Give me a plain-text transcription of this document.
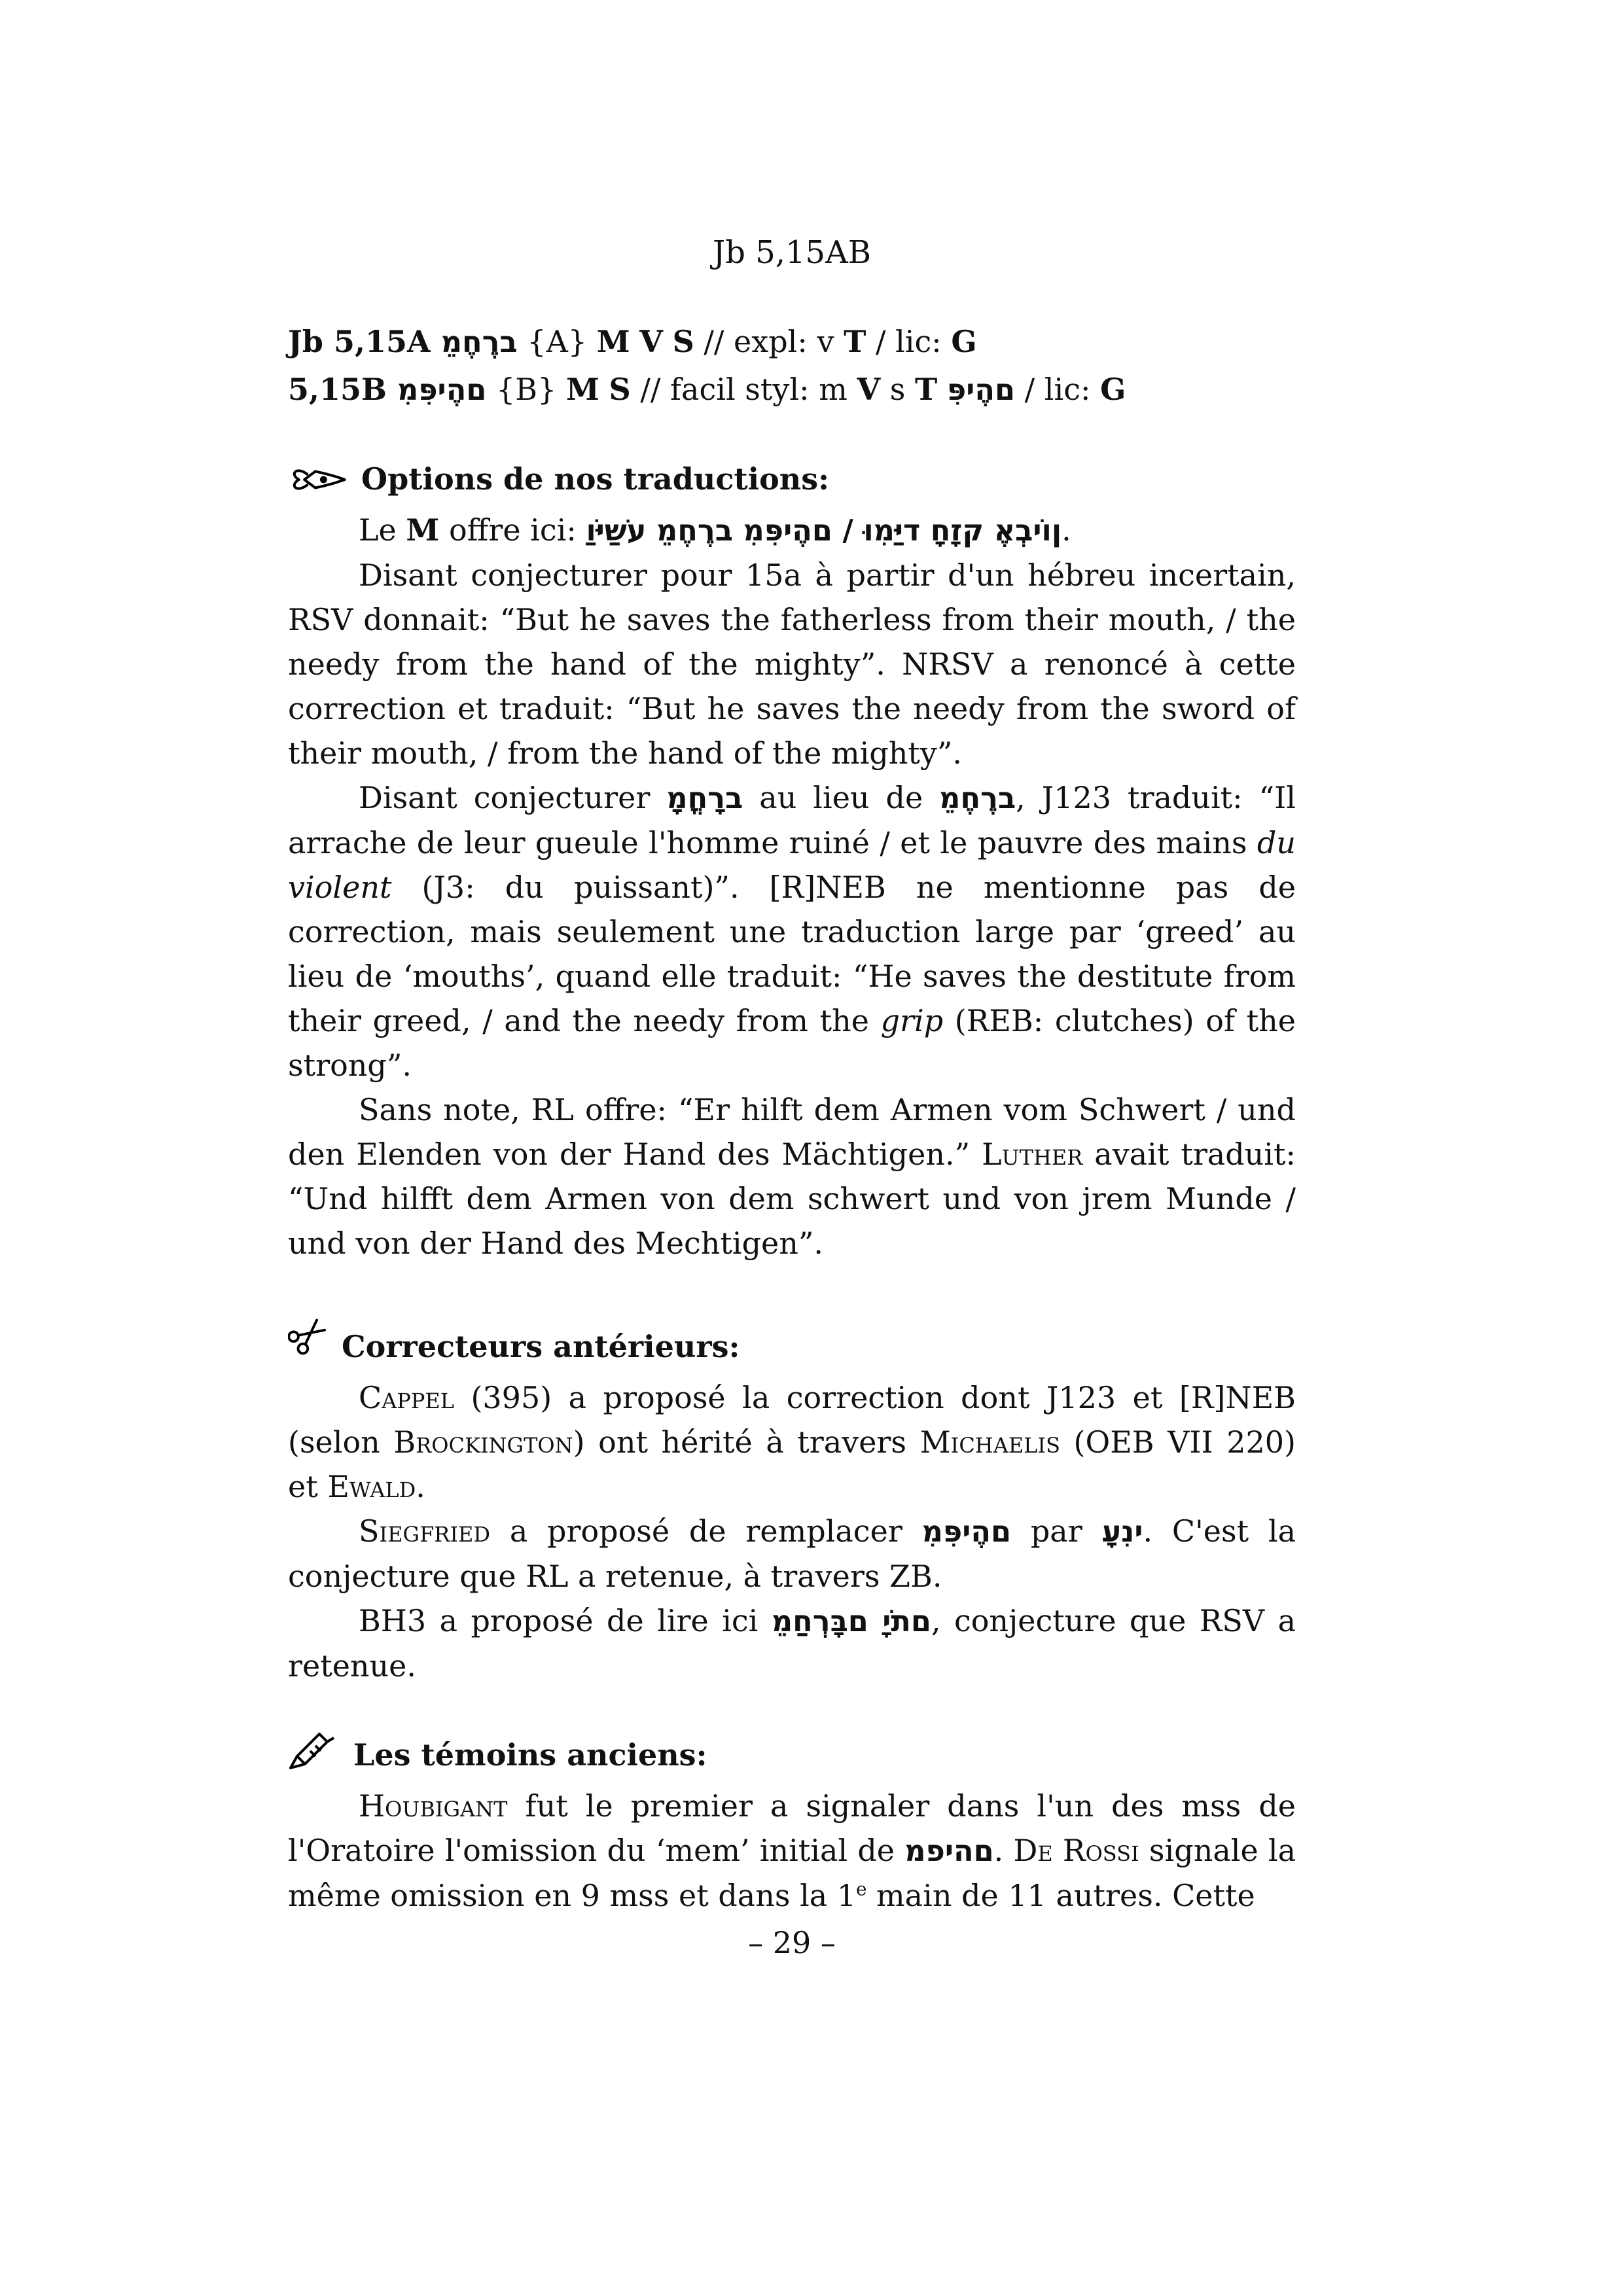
Jb 5,15AB

Jb 5,15A מֵחֶרֶב {A} M V S // expl: v T / lic: G

5,15B מִפִּיהֶם {B} M S // facil styl: m V s T פִּיהֶם / lic: G

Options de nos traductions:

Le M offre ici: וַיֹּשַׁע מֵחֶרֶב מִפִּיהֶם / וּמִיַּד חָזָק אֶבְיוֹן.

Disant conjecturer pour 15a à partir d'un hébreu incertain, RSV donnait: “But he saves the fatherless from their mouth, / the needy from the hand of the mighty”. NRSV a renoncé à cette correction et traduit: “But he saves the needy from the sword of their mouth, / from the hand of the mighty”.

Disant conjecturer מָחֳרָב au lieu de מֵחֶרֶב, J123 traduit: “Il arrache de leur gueule l'homme ruiné / et le pauvre des mains du violent (J3: du puissant)”. [R]NEB ne mentionne pas de correction, mais seulement une traduction large par ‘greed’ au lieu de ‘mouths’, quand elle traduit: “He saves the destitute from their greed, / and the needy from the grip (REB: clutches) of the strong”.

Sans note, RL offre: “Er hilft dem Armen vom Schwert / und den Elenden von der Hand des Mächtigen.” Luther avait traduit: “Und hilfft dem Armen von dem schwert und von jrem Munde / und von der Hand des Mechtigen”.

Correcteurs antérieurs:

Cappel (395) a proposé la correction dont J123 et [R]NEB (selon Brockington) ont hérité à travers Michaelis (OEB VII 220) et Ewald.

Siegfried a proposé de remplacer מִפִּיהֶם par עָנִי. C'est la conjecture que RL a retenue, à travers ZB.

BH3 a proposé de lire ici מֵחַרְבָּם יָתֹם, conjecture que RSV a retenue.

Les témoins anciens:

Houbigant fut le premier a signaler dans l'un des mss de l'Oratoire l'omission du ‘mem’ initial de מפיהם. De Rossi signale la même omission en 9 mss et dans la 1e main de 11 autres. Cette

– 29 –
